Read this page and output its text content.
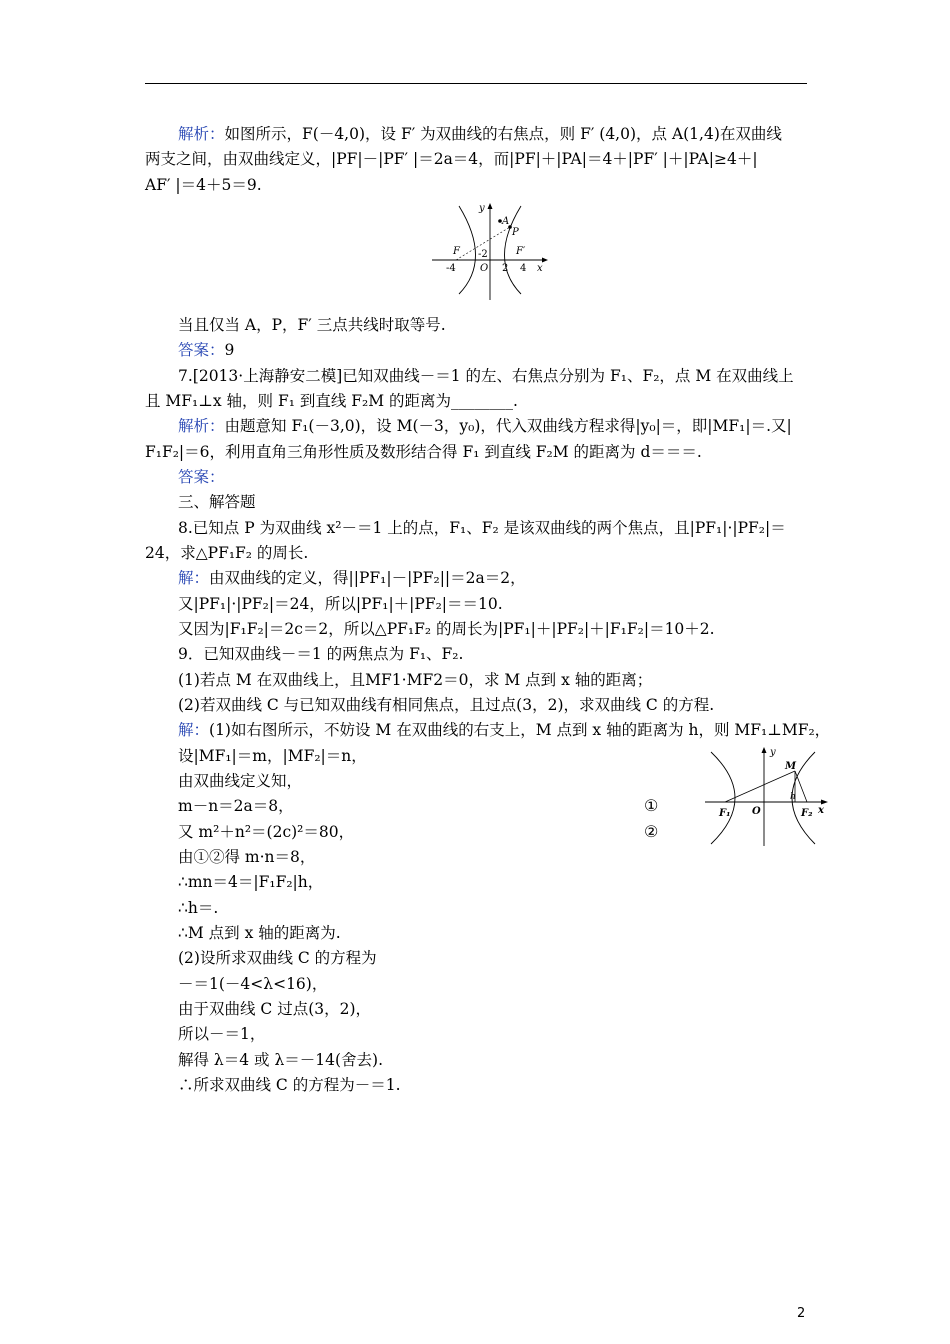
解析：如图所示，F(－4,0)，设 F′ 为双曲线的右焦点，则 F′ (4,0)，点 A(1,4)在双曲线
两支之间，由双曲线定义，|PF|－|PF′ |＝2a＝4，而|PF|＋|PA|＝4＋|PF′ |＋|PA|≥4＋|
AF′ |＝4＋5＝9.
y
A
P
F -2	F′
-4 O 2 4 x
当且仅当 A，P，F′ 三点共线时取等号.
答案：9
7.[2013·上海静安二模]已知双曲线－＝1 的左、右焦点分别为 F₁、F₂，点 M 在双曲线上
且 MF₁⊥x 轴，则 F₁ 到直线 F₂M 的距离为________.
解析：由题意知 F₁(－3,0)，设 M(－3，y₀)，代入双曲线方程求得|y₀|＝，即|MF₁|＝.又|
F₁F₂|＝6，利用直角三角形性质及数形结合得 F₁ 到直线 F₂M 的距离为 d＝＝＝.
答案：
三、解答题
8.已知点 P 为双曲线 x²－＝1 上的点，F₁、F₂ 是该双曲线的两个焦点，且|PF₁|·|PF₂|＝
24，求△PF₁F₂ 的周长.
解：由双曲线的定义，得||PF₁|－|PF₂||＝2a＝2，
又|PF₁|·|PF₂|＝24，所以|PF₁|＋|PF₂|＝＝10.
又因为|F₁F₂|＝2c＝2，所以△PF₁F₂ 的周长为|PF₁|＋|PF₂|＋|F₁F₂|＝10＋2.
9．已知双曲线－＝1 的两焦点为 F₁、F₂.
(1)若点 M 在双曲线上，且MF1·MF2＝0，求 M 点到 x 轴的距离；
(2)若双曲线 C 与已知双曲线有相同焦点，且过点(3，2)，求双曲线 C 的方程.
解：(1)如右图所示，不妨设 M 在双曲线的右支上，M 点到 x 轴的距离为 h，则 MF₁⊥MF₂，
设|MF₁|＝m，|MF₂|＝n，
由双曲线定义知，
m－n＝2a＝8，
又 m²＋n²＝(2c)²＝80，
由①②得 m·n＝8，
∴mn＝4＝|F₁F₂|h，
∴h＝.
∴M 点到 x 轴的距离为.
(2)设所求双曲线 C 的方程为
－＝1(－4<λ<16)，
由于双曲线 C 过点(3，2)，
所以－＝1，
解得 λ＝4 或 λ＝－14(舍去).
∴所求双曲线 C 的方程为－＝1.
①
②
y
M
h
O
F₁	F₂ x
2
